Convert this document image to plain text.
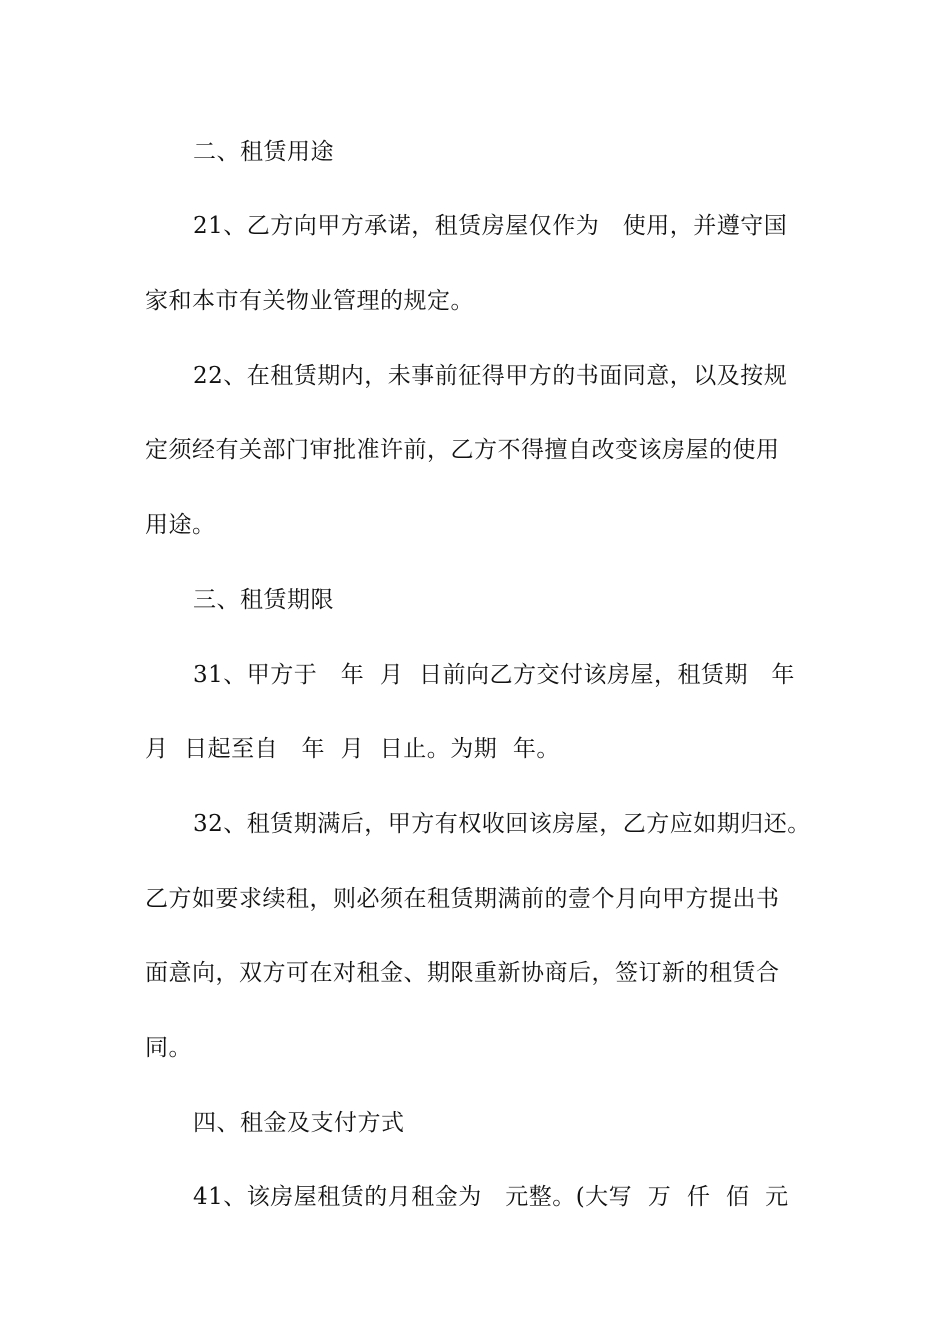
二、租赁用途
21、乙方向甲方承诺，租赁房屋仅作为   使用，并遵守国
家和本市有关物业管理的规定。
22、在租赁期内，未事前征得甲方的书面同意，以及按规
定须经有关部门审批准许前，乙方不得擅自改变该房屋的使用
用途。
三、租赁期限
31、甲方于   年  月  日前向乙方交付该房屋，租赁期   年
月  日起至自   年  月  日止。为期  年。
32、租赁期满后，甲方有权收回该房屋，乙方应如期归还。
乙方如要求续租，则必须在租赁期满前的壹个月向甲方提出书
面意向，双方可在对租金、期限重新协商后，签订新的租赁合
同。
四、租金及支付方式
41、该房屋租赁的月租金为   元整。(大写  万  仟  佰  元
